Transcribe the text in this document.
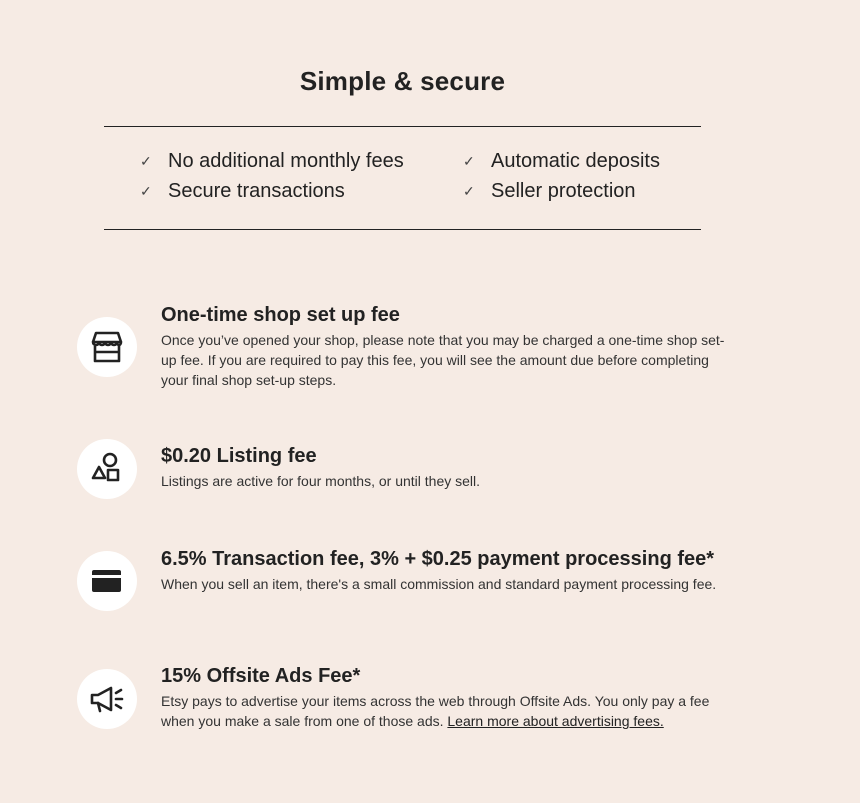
Simple & secure
✓ No additional monthly fees	✓ Automatic deposits
✓ Secure transactions	✓ Seller protection
One-time shop set up fee
Once you’ve opened your shop, please note that you may be charged a one-time shop set-up fee. If you are required to pay this fee, you will see the amount due before completing your final shop set-up steps.
$0.20 Listing fee
Listings are active for four months, or until they sell.
6.5% Transaction fee, 3% + $0.25 payment processing fee*
When you sell an item, there's a small commission and standard payment processing fee.
15% Offsite Ads Fee*
Etsy pays to advertise your items across the web through Offsite Ads. You only pay a fee when you make a sale from one of those ads. Learn more about advertising fees.
